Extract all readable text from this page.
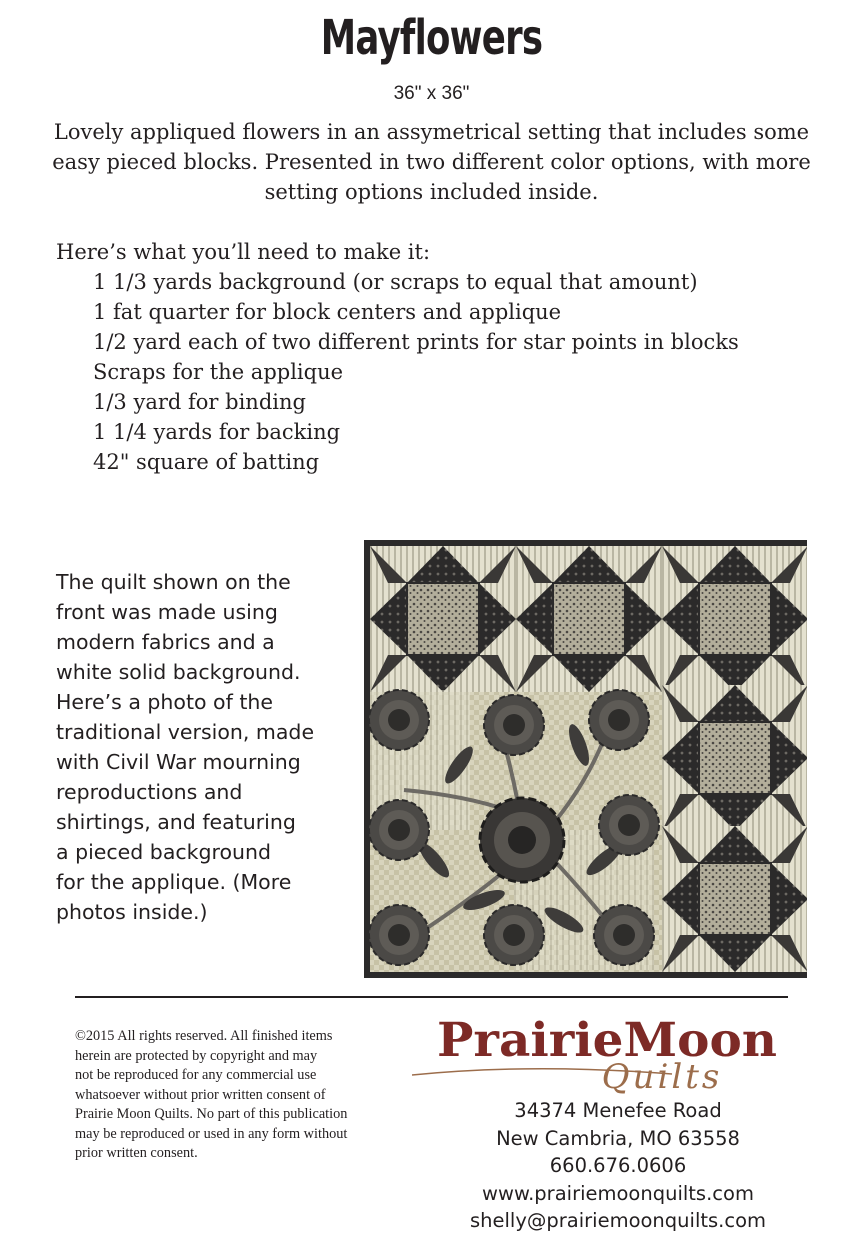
Mayflowers
36" x 36"
Lovely appliqued flowers in an assymetrical setting that includes some easy pieced blocks. Presented in two different color options, with more setting options included inside.
Here’s what you’ll need to make it:
1 1/3 yards background (or scraps to equal that amount)
1 fat quarter for block centers and applique
1/2 yard each of two different prints for star points in blocks
Scraps for the applique
1/3 yard for binding
1 1/4 yards for backing
42" square of batting
The quilt shown on the
front was made using
modern fabrics and a
white solid background.
Here’s a photo of the
traditional version, made
with Civil War mourning
reproductions and
shirtings, and featuring
a pieced background
for the applique. (More
photos inside.)
©2015 All rights reserved. All finished items
herein are protected by copyright and may
not be reproduced for any commercial use
whatsoever without prior written consent of
Prairie Moon Quilts. No part of this publication
may be reproduced or used in any form without
prior written consent.
PrairieMoon
Quilts
34374 Menefee Road
New Cambria, MO 63558
660.676.0606
www.prairiemoonquilts.com
shelly@prairiemoonquilts.com
